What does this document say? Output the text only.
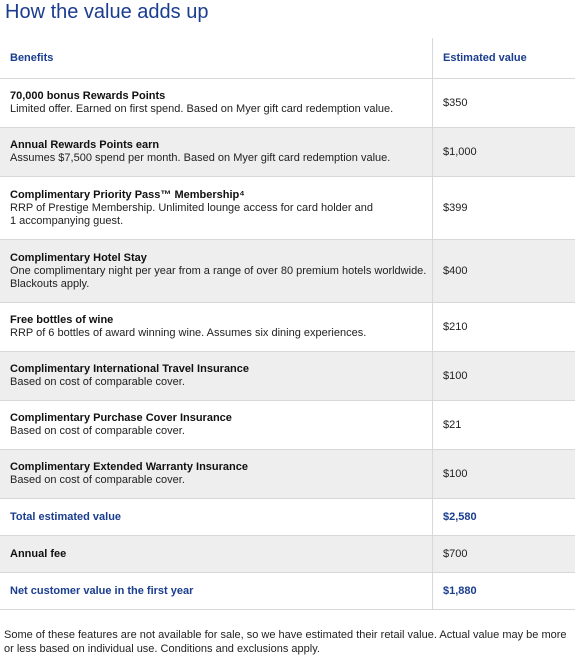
How the value adds up
Benefits	Estimated value

70,000 bonus Rewards Points
Limited offer. Earned on first spend. Based on Myer gift card redemption value.	$350

Annual Rewards Points earn
Assumes $7,500 spend per month. Based on Myer gift card redemption value.	$1,000

Complimentary Priority Pass™ Membership⁴
RRP of Prestige Membership. Unlimited lounge access for card holder and
1 accompanying guest.	$399

Complimentary Hotel Stay
One complimentary night per year from a range of over 80 premium hotels worldwide.
Blackouts apply.	$400

Free bottles of wine
RRP of 6 bottles of award winning wine. Assumes six dining experiences.	$210

Complimentary International Travel Insurance
Based on cost of comparable cover.	$100

Complimentary Purchase Cover Insurance
Based on cost of comparable cover.	$21

Complimentary Extended Warranty Insurance
Based on cost of comparable cover.	$100
Total estimated value	$2,580
Annual fee	$700
Net customer value in the first year	$1,880
Some of these features are not available for sale, so we have estimated their retail value. Actual value may be more or less based on individual use. Conditions and exclusions apply.
